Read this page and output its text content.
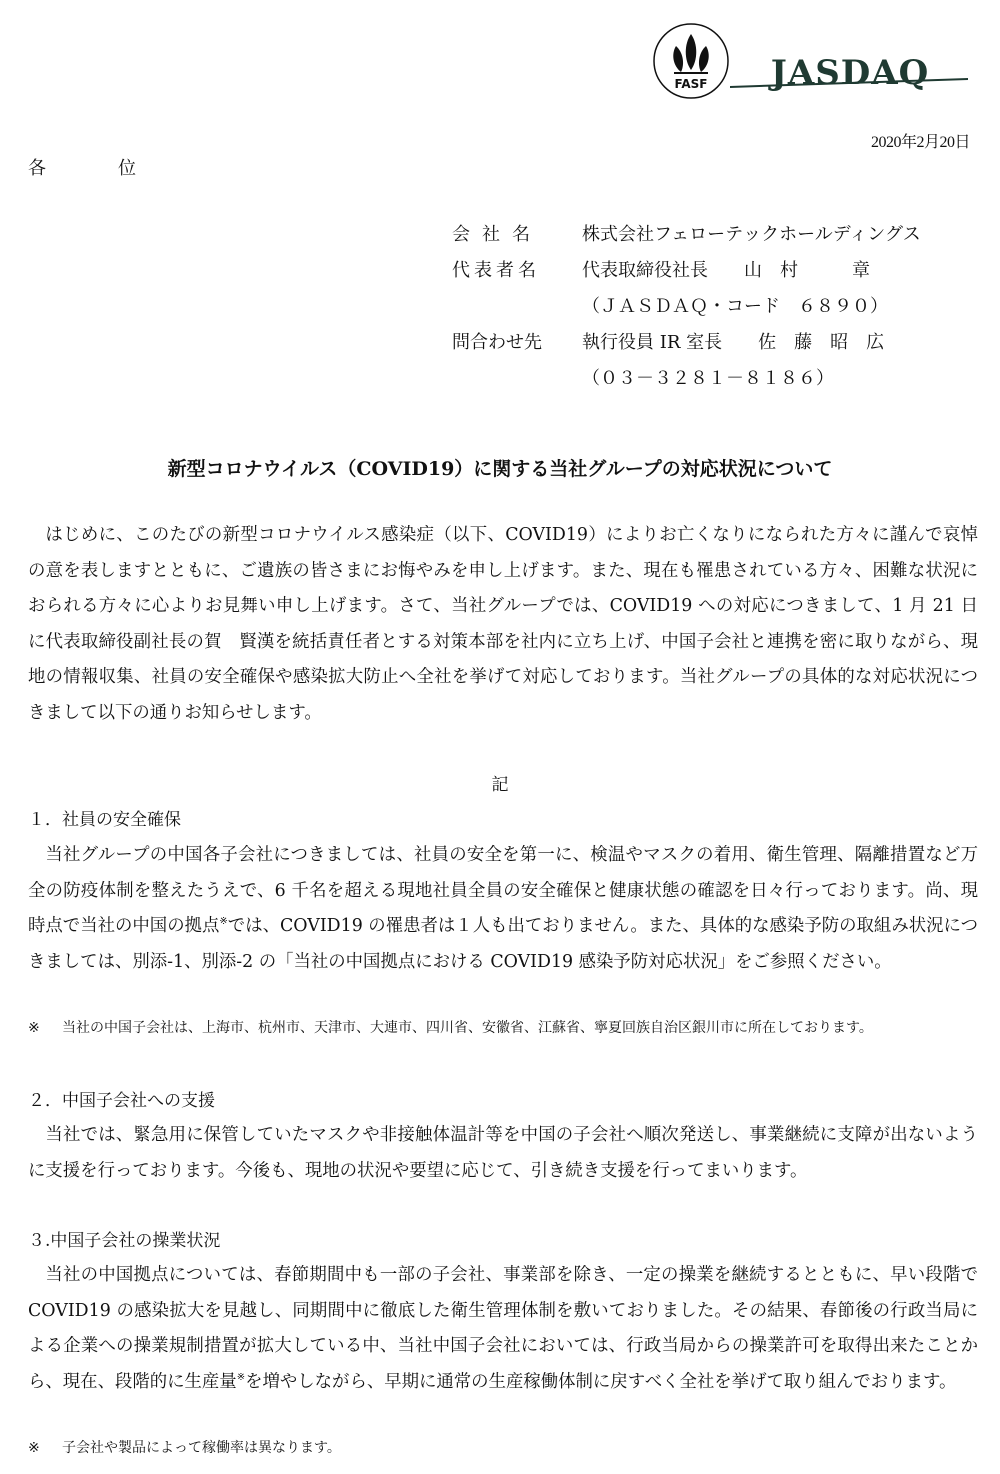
FASF JASDAQ
2020年2月20日
各	位
会社名	株式会社フェローテックホールディングス
代表者名	代表取締役社長　　山　村　　　章
（ＪＡＳＤＡＱ・コード　６８９０）
問合わせ先	執行役員 IR 室長　　佐　藤　昭　広
（０３－３２８１－８１８６）
新型コロナウイルス（COVID19）に関する当社グループの対応状況について

はじめに、このたびの新型コロナウイルス感染症（以下、COVID19）によりお亡くなりになられた方々に謹んで哀悼の意を表しますとともに、ご遺族の皆さまにお悔やみを申し上げます。また、現在も罹患されている方々、困難な状況におられる方々に心よりお見舞い申し上げます。さて、当社グループでは、COVID19 への対応につきまして、1 月 21 日に代表取締役副社長の賀　賢漢を統括責任者とする対策本部を社内に立ち上げ、中国子会社と連携を密に取りながら、現地の情報収集、社員の安全確保や感染拡大防止へ全社を挙げて対応しております。当社グループの具体的な対応状況につきまして以下の通りお知らせします。

記
１．社員の安全確保

当社グループの中国各子会社につきましては、社員の安全を第一に、検温やマスクの着用、衛生管理、隔離措置など万全の防疫体制を整えたうえで、6 千名を超える現地社員全員の安全確保と健康状態の確認を日々行っております。尚、現時点で当社の中国の拠点※では、COVID19 の罹患者は１人も出ておりません。また、具体的な感染予防の取組み状況につきましては、別添-1、別添-2 の「当社の中国拠点における COVID19 感染予防対応状況」をご参照ください。

※ 当社の中国子会社は、上海市、杭州市、天津市、大連市、四川省、安徽省、江蘇省、寧夏回族自治区銀川市に所在しております。
２．中国子会社への支援

当社では、緊急用に保管していたマスクや非接触体温計等を中国の子会社へ順次発送し、事業継続に支障が出ないように支援を行っております。今後も、現地の状況や要望に応じて、引き続き支援を行ってまいります。

３.中国子会社の操業状況

当社の中国拠点については、春節期間中も一部の子会社、事業部を除き、一定の操業を継続するとともに、早い段階で COVID19 の感染拡大を見越し、同期間中に徹底した衛生管理体制を敷いておりました。その結果、春節後の行政当局による企業への操業規制措置が拡大している中、当社中国子会社においては、行政当局からの操業許可を取得出来たことから、現在、段階的に生産量※を増やしながら、早期に通常の生産稼働体制に戻すべく全社を挙げて取り組んでおります。

※ 子会社や製品によって稼働率は異なります。
